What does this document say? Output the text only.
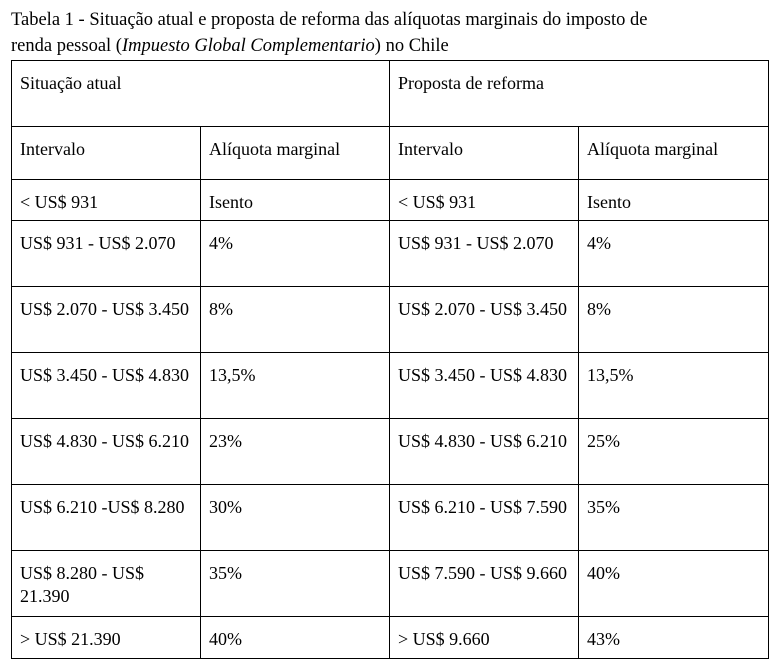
Tabela 1 - Situação atual e proposta de reforma das alíquotas marginais do imposto de
renda pessoal (Impuesto Global Complementario) no Chile
Situação atual		Proposta de reforma	
Intervalo	Alíquota marginal	Intervalo	Alíquota marginal
< US$ 931	Isento	< US$ 931	Isento
US$ 931 - US$ 2.070	4%	US$ 931 - US$ 2.070	4%
US$ 2.070 - US$ 3.450	8%	US$ 2.070 - US$ 3.450	8%
US$ 3.450 - US$ 4.830	13,5%	US$ 3.450 - US$ 4.830	13,5%
US$ 4.830 - US$ 6.210	23%	US$ 4.830 - US$ 6.210	25%
US$ 6.210 -US$ 8.280	30%	US$ 6.210 - US$ 7.590	35%
US$ 8.280 - US$ 21.390	35%	US$ 7.590 - US$ 9.660	40%
> US$ 21.390	40%	> US$ 9.660	43%
